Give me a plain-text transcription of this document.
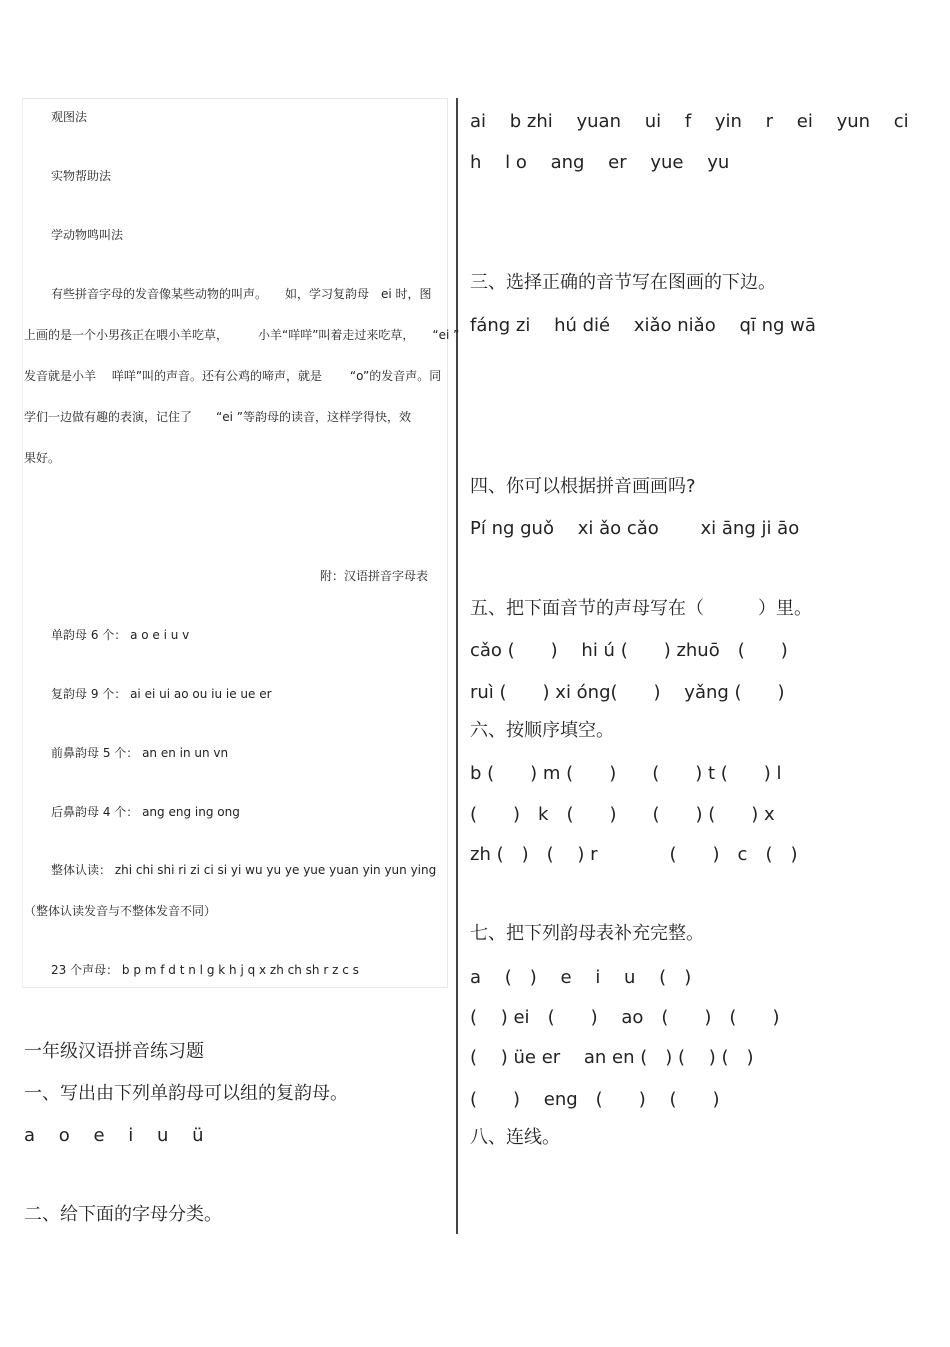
观图法
实物帮助法
学动物鸣叫法
有些拼音字母的发音像某些动物的叫声。　　如，学习复韵母　ei 时，图
上画的是一个小男孩正在喂小羊吃草，　　　小羊“咩咩”叫着走过来吃草，　　“ei ”
发音就是小羊　 咩咩”叫的声音。还有公鸡的啼声，就是　　 “o”的发音声。同
学们一边做有趣的表演，记住了　　“ei ”等韵母的读音，这样学得快，效
果好。
附：汉语拼音字母表
单韵母 6 个： a o e i u v
复韵母 9 个： ai ei ui ao ou iu ie ue er
前鼻韵母 5 个： an en in un vn
后鼻韵母 4 个： ang eng ing ong
整体认读： zhi chi shi ri zi ci si yi wu yu ye yue yuan yin yun ying
（整体认读发音与不整体发音不同）
23 个声母： b p m f d t n l g k h j q x zh ch sh r z c s
一年级汉语拼音练习题
一、写出由下列单韵母可以组的复韵母。
a　 o　 e　 i　 u　 ü
二、给下面的字母分类。
ai　 b zhi　 yuan　 ui　 f　 yin　 r　 ei　 yun　 ci
h　 l o　 ang　 er　 yue　 yu
三、选择正确的音节写在图画的下边。
fáng zi　 hú dié　 xiǎo niǎo　 qī ng wā
四、你可以根据拼音画画吗?
Pí ng guǒ　 xi ǎo cǎo　　 xi āng ji āo
五、把下面音节的声母写在（　　　）里。
cǎo (　　)　 hi ú (　　) zhuō　(　　)
ruì (　　) xi óng(　　)　 yǎng (　　)
六、按顺序填空。
b (　　) m (　　)　　(　　) t (　　) l
(　　)　k　(　　)　　(　　) (　　) x
zh (　)　(　 ) r　　　　(　　)　c　(　)
七、把下列韵母表补充完整。
a　 (　)　 e　 i　 u　 (　)
(　 ) ei　(　　)　 ao　(　　)　(　　)
(　 ) üe er　 an en (　) (　 ) (　)
(　　)　 eng　(　　)　 (　　)
八、连线。
